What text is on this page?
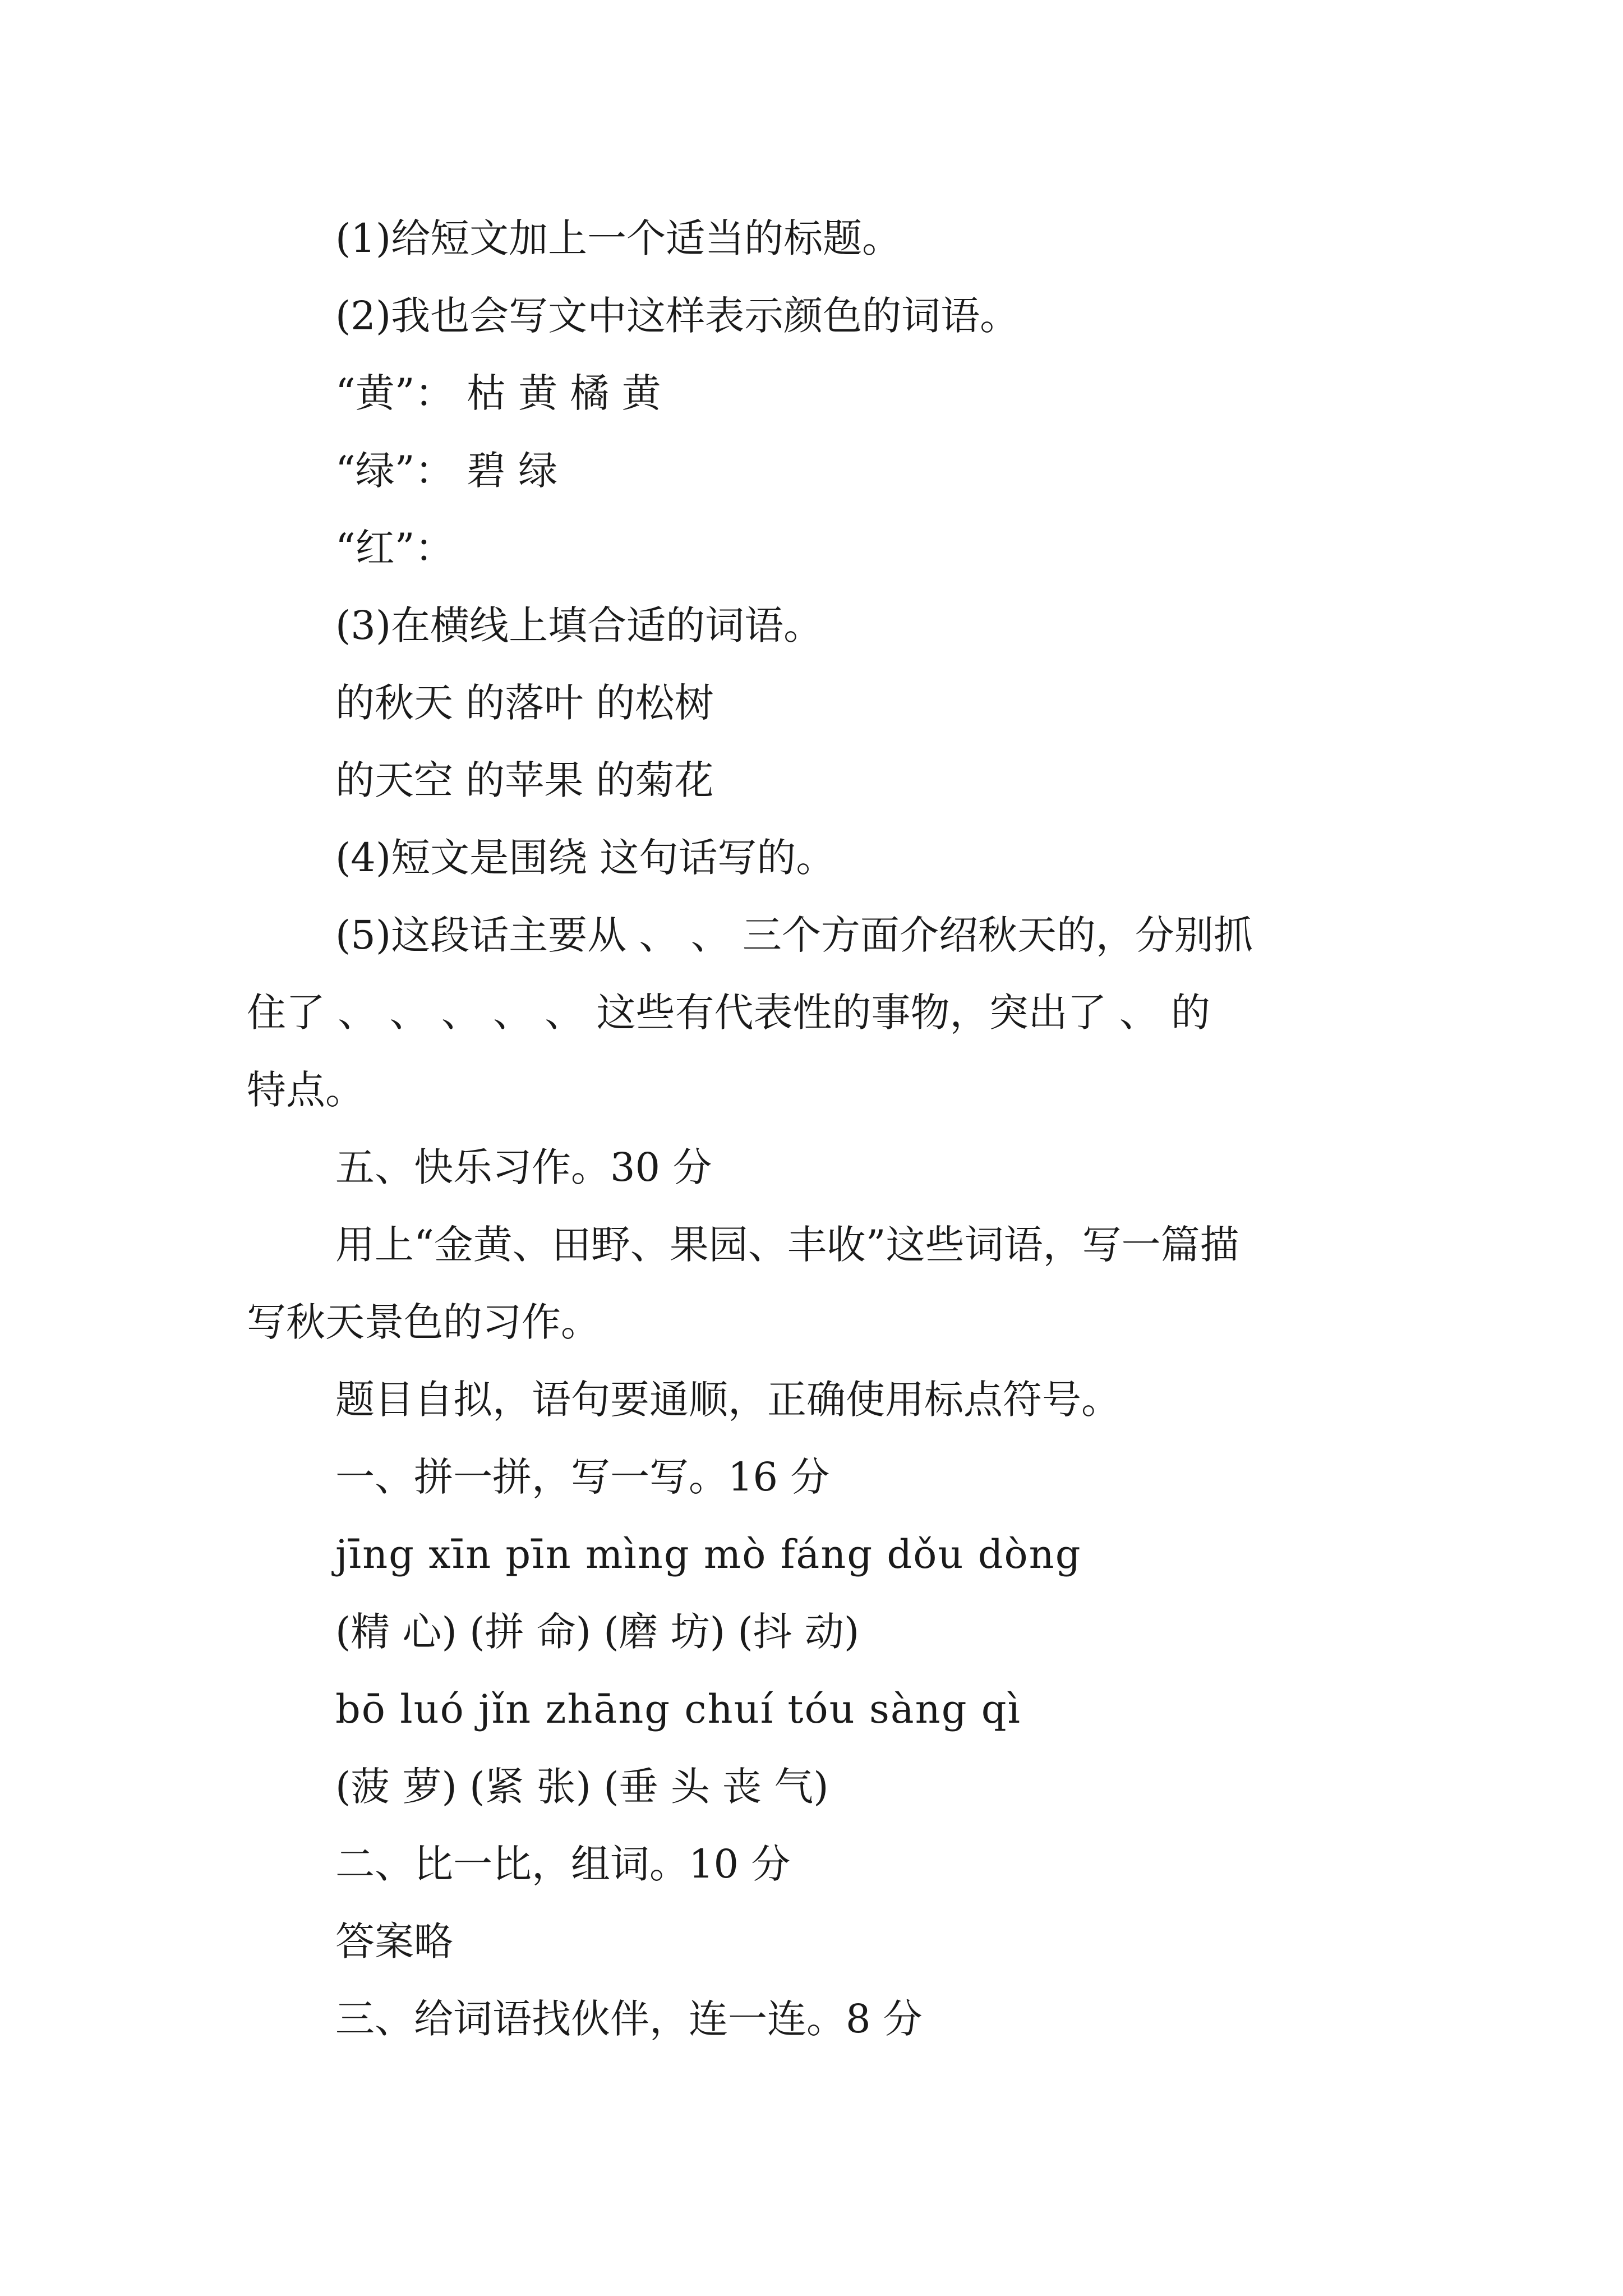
(1)给短文加上一个适当的标题。
(2)我也会写文中这样表示颜色的词语。
“黄”： 枯 黄 橘 黄
“绿”： 碧 绿
“红”：
(3)在横线上填合适的词语。
的秋天 的落叶 的松树
的天空 的苹果 的菊花
(4)短文是围绕 这句话写的。
(5)这段话主要从 、 、 三个方面介绍秋天的，分别抓
住了 、 、 、 、 、 这些有代表性的事物，突出了 、 的
特点。
五、快乐习作。30 分
用上“金黄、田野、果园、丰收”这些词语，写一篇描
写秋天景色的习作。
题目自拟，语句要通顺，正确使用标点符号。
一、拼一拼，写一写。16 分
jīng xīn pīn mìng mò fáng dǒu dòng
(精 心) (拼 命) (磨 坊) (抖 动)
bō luó jǐn zhāng chuí tóu sàng qì
(菠 萝) (紧 张) (垂 头 丧 气)
二、比一比，组词。10 分
答案略
三、给词语找伙伴，连一连。8 分
